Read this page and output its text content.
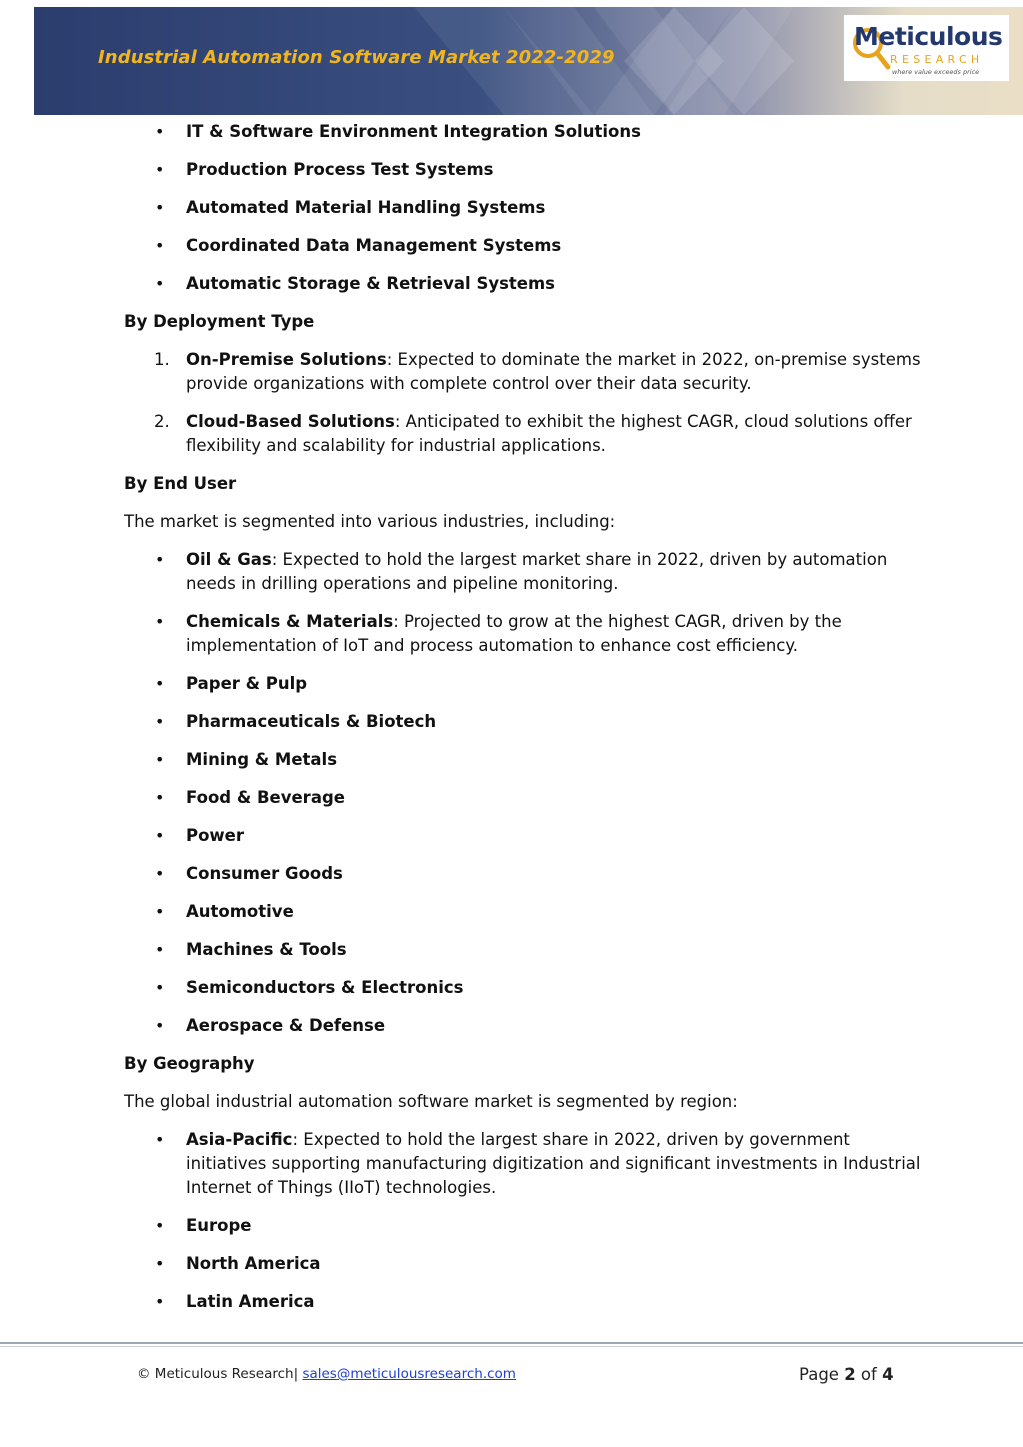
Industrial Automation Software Market 2022-2029
Meticulous
RESEARCH
where value exceeds price
• IT & Software Environment Integration Solutions
• Production Process Test Systems
• Automated Material Handling Systems
• Coordinated Data Management Systems
• Automatic Storage & Retrieval Systems
By Deployment Type
1. On-Premise Solutions: Expected to dominate the market in 2022, on-premise systems provide organizations with complete control over their data security.
2. Cloud-Based Solutions: Anticipated to exhibit the highest CAGR, cloud solutions offer flexibility and scalability for industrial applications.
By End User
The market is segmented into various industries, including:
• Oil & Gas: Expected to hold the largest market share in 2022, driven by automation needs in drilling operations and pipeline monitoring.
• Chemicals & Materials: Projected to grow at the highest CAGR, driven by the implementation of IoT and process automation to enhance cost efficiency.
• Paper & Pulp
• Pharmaceuticals & Biotech
• Mining & Metals
• Food & Beverage
• Power
• Consumer Goods
• Automotive
• Machines & Tools
• Semiconductors & Electronics
• Aerospace & Defense
By Geography
The global industrial automation software market is segmented by region:
• Asia-Pacific: Expected to hold the largest share in 2022, driven by government initiatives supporting manufacturing digitization and significant investments in Industrial Internet of Things (IIoT) technologies.
• Europe
• North America
• Latin America
© Meticulous Research| sales@meticulousresearch.com	Page 2 of 4
